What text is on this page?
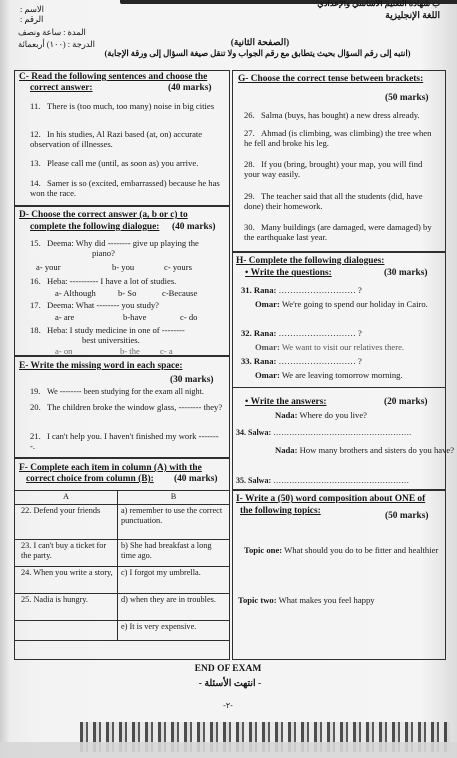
ب شهادة التعليم الأساسي والإعدادي
الاسم :
الرقم :
المدة : ساعة ونصف
الدرجة : (١٠٠) أربعمائة
اللغة الإنجليزية
(الصفحة الثانية)
(انتبه إلى رقم السؤال بحيث يتطابق مع رقم الجواب ولا تنقل صيغة السؤال إلى ورقة الإجابة)
C- Read the following sentences and choose the
correct answer:	(40 marks)
11. There is (too much, too many) noise in big cities
12. In his studies, Al Razi based (at, on) accurate observation of illnesses.
13. Please call me (until, as soon as) you arrive.
14. Samer is so (excited, embarrassed) because he has won the race.
D- Choose the correct answer (a, b or c) to
complete the following dialogue: (40 marks)
15. Deema: Why did -------- give up playing the
piano?
a- your	b- you	c- yours
16. Heba: ---------- I have a lot of studies.
a- Although	b- So	c-Because
17. Deema: What -------- you study?
a- are	b-have	c- do
18. Heba: I study medicine in one of --------
best universities.
a- on	b- the c- a
E- Write the missing word in each space:
(30 marks)
19. We -------- been studying for the exam all night.
20. The children broke the window glass, -------- they?
21. I can't help you. I haven't finished my work --------.
F- Complete each item in column (A) with the
correct choice from column (B): (40 marks)
A	B
22. Defend your friends	a) remember to use the correct punctuation.
23. I can't buy a ticket for the party.	b) She had breakfast a long time ago.
24. When you write a story,	c) I forgot my umbrella.
25. Nadia is hungry.	d) when they are in troubles.
	e) It is very expensive.
G- Choose the correct tense between brackets:
(50 marks)
26. Salma (buys, has bought) a new dress already.
27. Ahmad (is climbing, was climbing) the tree when he fell and broke his leg.
28. If you (bring, brought) your map, you will find your way easily.
29. The teacher said that all the students (did, have done) their homework.
30. Many buildings (are damaged, were damaged) by the earthquake last year.
H- Complete the following dialogues:
• Write the questions:	(30 marks)
31. Rana: ……………………… ?
Omar: We're going to spend our holiday in Cairo.
32. Rana: ……………………… ?
Omar: We want to visit our relatives there.
33. Rana: ……………………… ?
Omar: We are leaving tomorrow morning.
• Write the answers:	(20 marks)
Nada: Where do you live?
34. Salwa: …………………………………………….
Nada: How many brothers and sisters do you have?
35. Salwa: ……………………………………………
I- Write a (50) word composition about ONE of
the following topics:	(50 marks)
Topic one: What should you do to be fitter and healthier
Topic two: What makes you feel happy
END OF EXAM
- انتهت الأسئلة -
-٢-
